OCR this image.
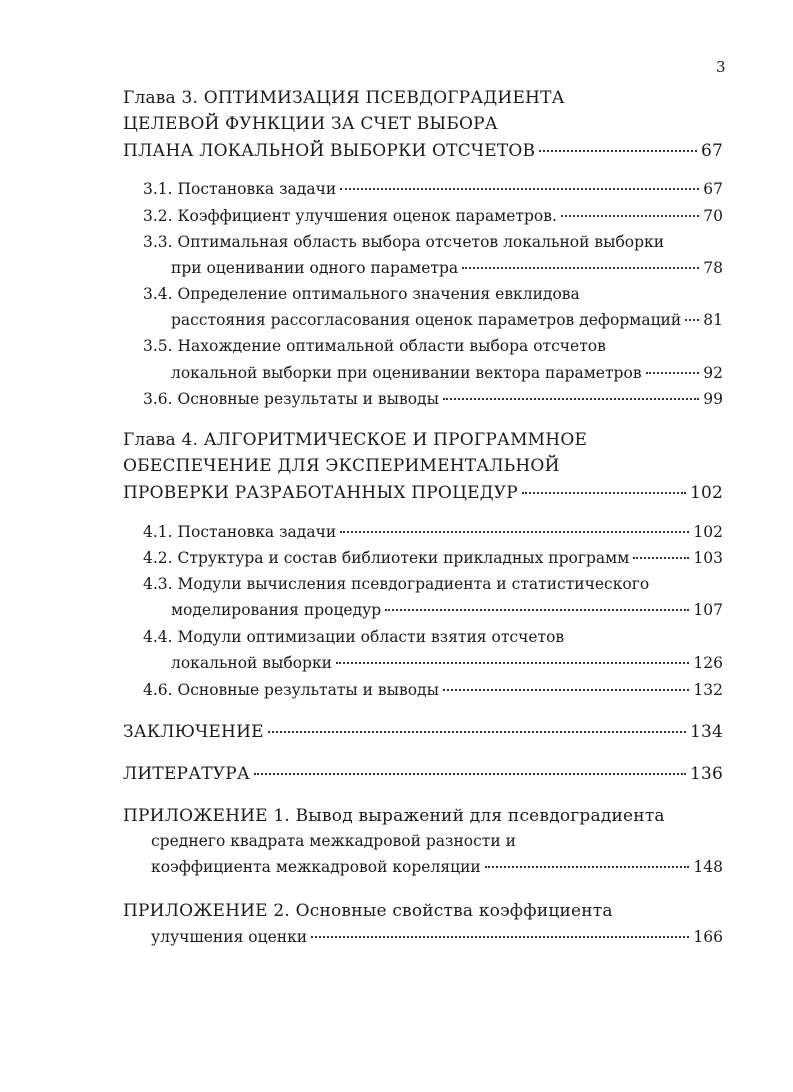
3
Глава 3. ОПТИМИЗАЦИЯ ПСЕВДОГРАДИЕНТА
ЦЕЛЕВОЙ ФУНКЦИИ ЗА СЧЕТ ВЫБОРА
ПЛАНА ЛОКАЛЬНОЙ ВЫБОРКИ ОТСЧЕТОВ	67
3.1. Постановка задачи	67
3.2. Коэффициент улучшения оценок параметров.	70
3.3. Оптимальная область выбора отсчетов локальной выборки
при оценивании одного параметра	78
3.4. Определение оптимального значения евклидова
расстояния рассогласования оценок параметров деформаций 81
3.5. Нахождение оптимальной области выбора отсчетов
локальной выборки при оценивании вектора параметров	92
3.6. Основные результаты и выводы	99
Глава 4. АЛГОРИТМИЧЕСКОЕ И ПРОГРАММНОЕ
ОБЕСПЕЧЕНИЕ ДЛЯ ЭКСПЕРИМЕНТАЛЬНОЙ
ПРОВЕРКИ РАЗРАБОТАННЫХ ПРОЦЕДУР	102
4.1. Постановка задачи	102
4.2. Структура и состав библиотеки прикладных программ	103
4.3. Модули вычисления псевдоградиента и статистического
моделирования процедур	107
4.4. Модули оптимизации области взятия отсчетов
локальной выборки	126
4.6. Основные результаты и выводы	132
ЗАКЛЮЧЕНИЕ	134
ЛИТЕРАТУРА	136
ПРИЛОЖЕНИЕ 1. Вывод выражений для псевдоградиента
среднего квадрата межкадровой разности и
коэффициента межкадровой кореляции	148
ПРИЛОЖЕНИЕ 2. Основные свойства коэффициента
улучшения оценки	166
